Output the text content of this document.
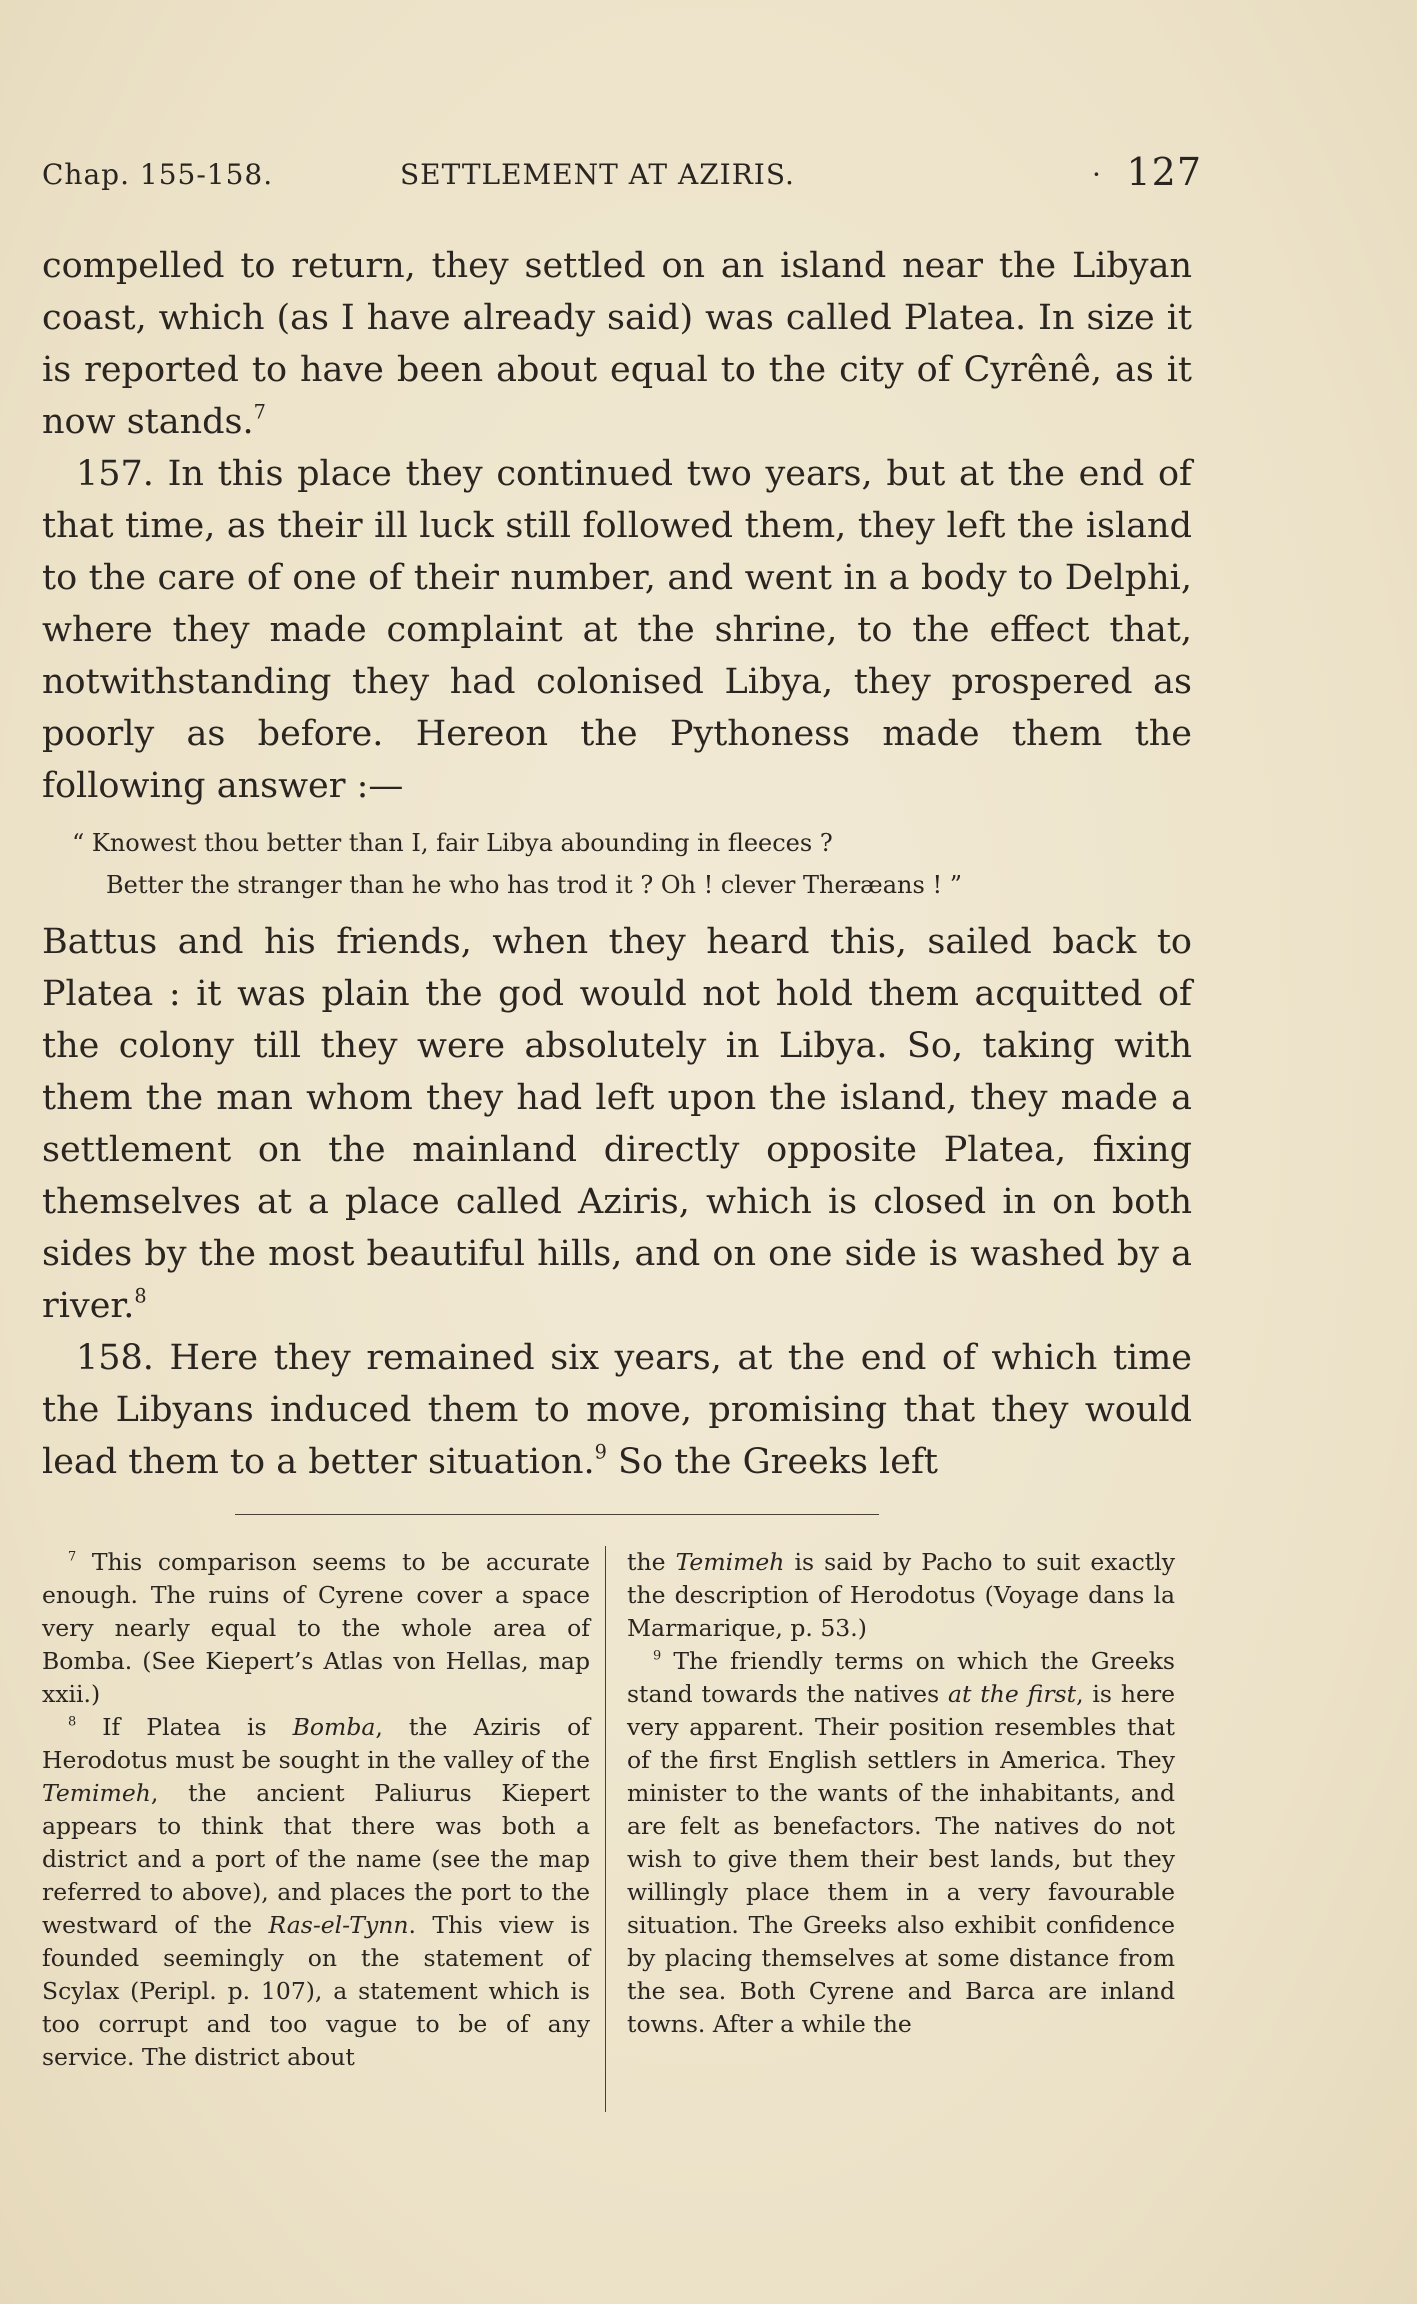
Chap. 155-158.	SETTLEMENT AT AZIRIS.	· 127

compelled to return, they settled on an island near the Libyan coast, which (as I have already said) was called Platea. In size it is reported to have been about equal to the city of Cyrênê, as it now stands.$^7$

157. In this place they continued two years, but at the end of that time, as their ill luck still followed them, they left the island to the care of one of their number, and went in a body to Delphi, where they made complaint at the shrine, to the effect that, notwithstanding they had colonised Libya, they prospered as poorly as before. Hereon the Pythoness made them the following answer :—

“ Knowest thou better than I, fair Libya abounding in fleeces ?
Better the stranger than he who has trod it ? Oh ! clever Theræans ! ”

Battus and his friends, when they heard this, sailed back to Platea : it was plain the god would not hold them acquitted of the colony till they were absolutely in Libya. So, taking with them the man whom they had left upon the island, they made a settlement on the mainland directly opposite Platea, fixing themselves at a place called Aziris, which is closed in on both sides by the most beautiful hills, and on one side is washed by a river.$^8$

158. Here they remained six years, at the end of which time the Libyans induced them to move, promising that they would lead them to a better situation.$^9$ So the Greeks left

$^7$ This comparison seems to be accurate enough. The ruins of Cyrene cover a space very nearly equal to the whole area of Bomba. (See Kiepert’s Atlas von Hellas, map xxii.)

$^8$ If Platea is Bomba, the Aziris of Herodotus must be sought in the valley of the Temimeh, the ancient Paliurus Kiepert appears to think that there was both a district and a port of the name (see the map referred to above), and places the port to the westward of the Ras-el-Tynn. This view is founded seemingly on the statement of Scylax (Peripl. p. 107), a statement which is too corrupt and too vague to be of any service. The district about

the Temimeh is said by Pacho to suit exactly the description of Herodotus (Voyage dans la Marmarique, p. 53.)

$^9$ The friendly terms on which the Greeks stand towards the natives at the first, is here very apparent. Their position resembles that of the first English settlers in America. They minister to the wants of the inhabitants, and are felt as benefactors. The natives do not wish to give them their best lands, but they willingly place them in a very favourable situation. The Greeks also exhibit confidence by placing themselves at some distance from the sea. Both Cyrene and Barca are inland towns. After a while the
